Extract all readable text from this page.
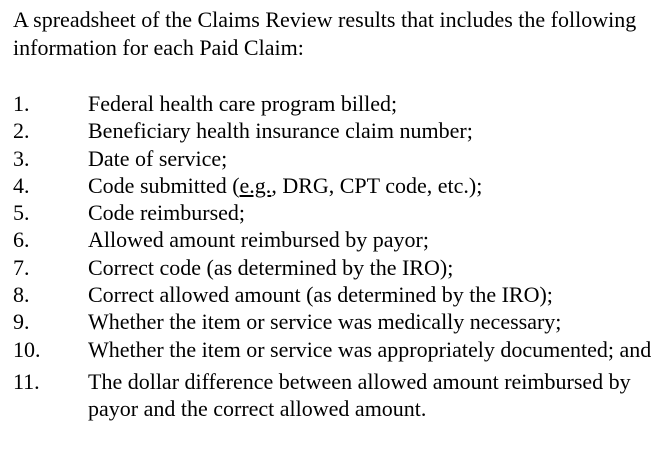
A spreadsheet of the Claims Review results that includes the following information for each Paid Claim:

1.	Federal health care program billed;
2.	Beneficiary health insurance claim number;
3.	Date of service;
4.	Code submitted (e.g., DRG, CPT code, etc.);
5.	Code reimbursed;
6.	Allowed amount reimbursed by payor;
7.	Correct code (as determined by the IRO);
8.	Correct allowed amount (as determined by the IRO);
9.	Whether the item or service was medically necessary;
10.	Whether the item or service was appropriately documented; and
11.	The dollar difference between allowed amount reimbursed by payor and the correct allowed amount.
